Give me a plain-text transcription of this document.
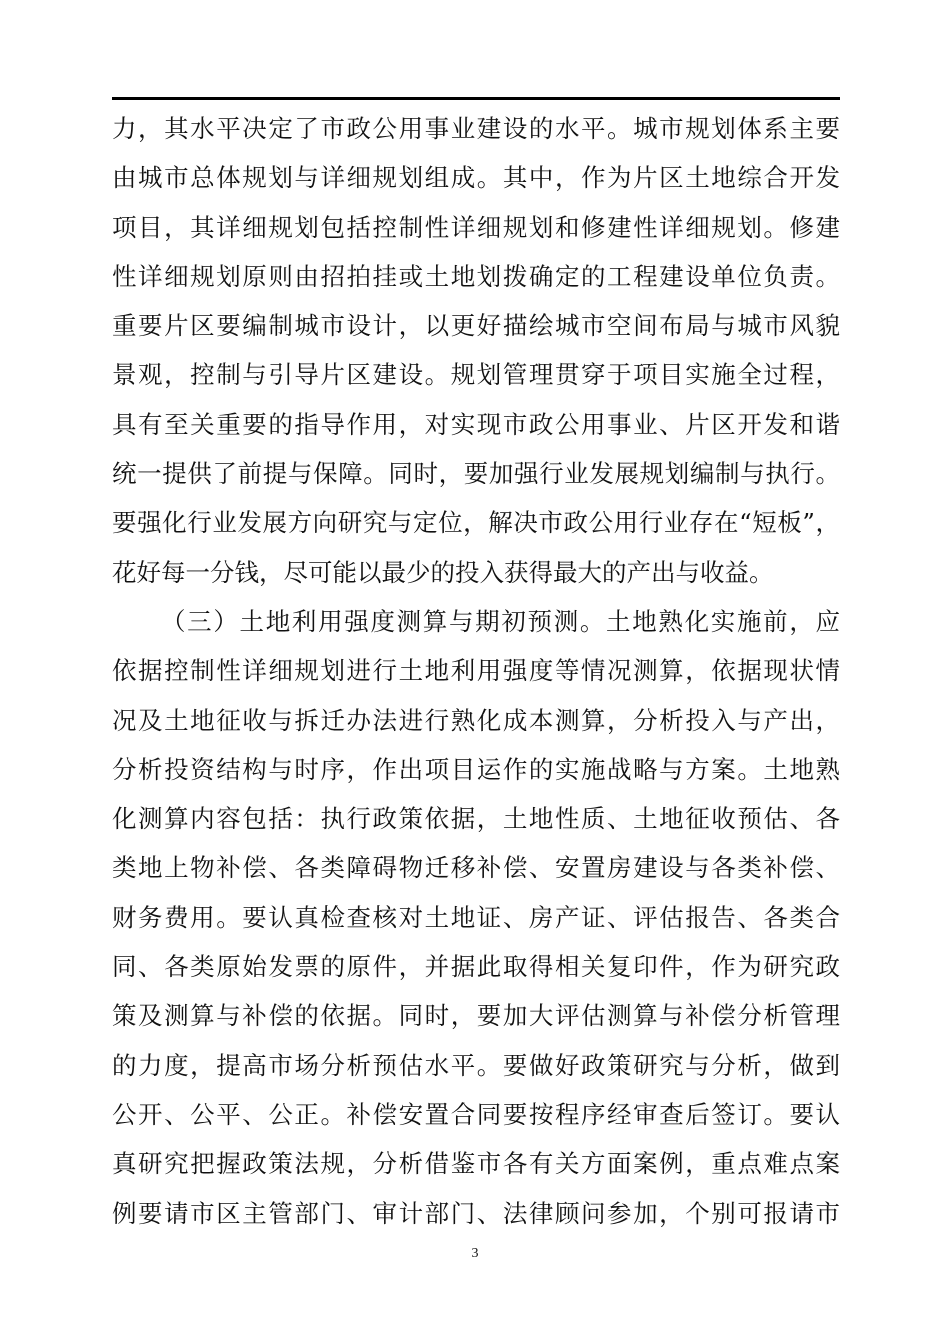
力，其水平决定了市政公用事业建设的水平。城市规划体系主要
由城市总体规划与详细规划组成。其中，作为片区土地综合开发
项目，其详细规划包括控制性详细规划和修建性详细规划。修建
性详细规划原则由招拍挂或土地划拨确定的工程建设单位负责。
重要片区要编制城市设计，以更好描绘城市空间布局与城市风貌
景观，控制与引导片区建设。规划管理贯穿于项目实施全过程，
具有至关重要的指导作用，对实现市政公用事业、片区开发和谐
统一提供了前提与保障。同时，要加强行业发展规划编制与执行。
要强化行业发展方向研究与定位，解决市政公用行业存在“短板”，
花好每一分钱，尽可能以最少的投入获得最大的产出与收益。
（三）土地利用强度测算与期初预测。土地熟化实施前，应
依据控制性详细规划进行土地利用强度等情况测算，依据现状情
况及土地征收与拆迁办法进行熟化成本测算，分析投入与产出，
分析投资结构与时序，作出项目运作的实施战略与方案。土地熟
化测算内容包括：执行政策依据，土地性质、土地征收预估、各
类地上物补偿、各类障碍物迁移补偿、安置房建设与各类补偿、
财务费用。要认真检查核对土地证、房产证、评估报告、各类合
同、各类原始发票的原件，并据此取得相关复印件，作为研究政
策及测算与补偿的依据。同时，要加大评估测算与补偿分析管理
的力度，提高市场分析预估水平。要做好政策研究与分析，做到
公开、公平、公正。补偿安置合同要按程序经审查后签订。要认
真研究把握政策法规，分析借鉴市各有关方面案例，重点难点案
例要请市区主管部门、审计部门、法律顾问参加，个别可报请市
3
